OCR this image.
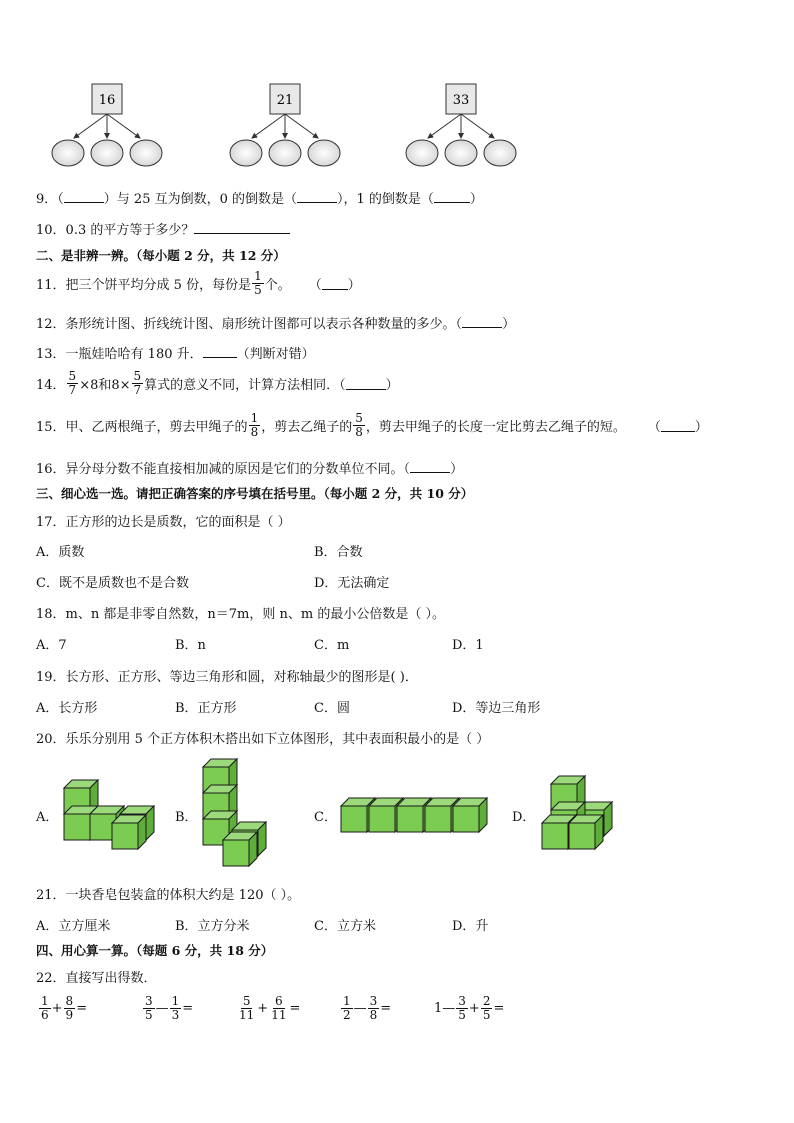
16	21	33
9．（	）与 25 互为倒数，0 的倒数是（	），1 的倒数是（	）
10．0.3 的平方等于多少？
二、是非辨一辨。（每小题 2 分，共 12 分）
11． 把三个饼平均分成 5 份，每份是 $\frac{1}{5}$ 个。 （ ）
12．条形统计图、折线统计图、扇形统计图都可以表示各种数量的多少。（	）
13．一瓶娃哈哈有 180 升．	（判断对错）
14． $\frac{5}{7} \times 8$和$8\times \frac{5}{7}$ 算式的意义不同，计算方法相同．（	）
15． 甲、乙两根绳子，剪去甲绳子的 $\frac{1}{8}$ ，剪去乙绳子的 $\frac{5}{8}$ ，剪去甲绳子的长度一定比剪去乙绳子的短。 （	）
16．异分母分数不能直接相加减的原因是它们的分数单位不同。（	）
三、细心选一选。请把正确答案的序号填在括号里。（每小题 2 分，共 10 分）
17．正方形的边长是质数，它的面积是（ ）
A．质数	B．合数
C．既不是质数也不是合数	D．无法确定
18．m、n 都是非零自然数，n＝7m，则 n、m 的最小公倍数是（ ）。
A．7	B．n	C．m	D．1
19．长方形、正方形、等边三角形和圆，对称轴最少的图形是( )．
A．长方形	B．正方形	C．圆	D．等边三角形
20．乐乐分别用 5 个正方体积木搭出如下立体图形，其中表面积最小的是（ ）
A．	B．	C．	D．
21．一块香皂包装盒的体积大约是 120（ ）。
A．立方厘米	B．立方分米	C．立方米	D．升
四、用心算一算。（每题 6 分，共 18 分）
22．直接写出得数．
$\frac{1}{6} + \frac{8}{9}$ =	$\frac{3}{5}$ — $\frac{1}{3}$ =	$\frac{5}{11} + \frac{6}{11}$ =	$\frac{1}{2}$ — $\frac{3}{8}$ =	1— $\frac{3}{5} + \frac{2}{5}$ =
